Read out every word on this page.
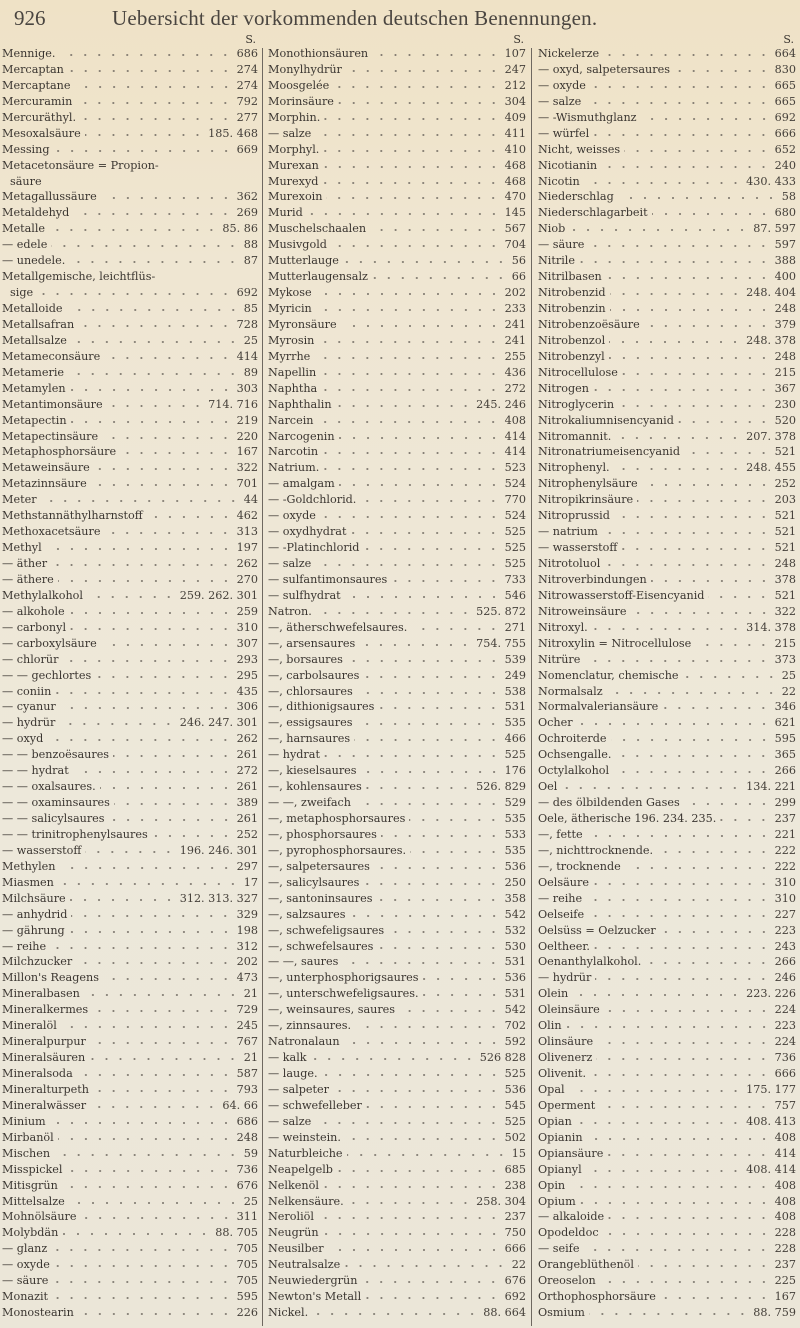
926	Uebersicht der vorkommenden deutschen Benennungen.
S.
Mennige.	686
Mercaptan	274
Mercaptane	274
Mercuramin	792
Mercuräthyl.	277
Mesoxalsäure	185. 468
Messing	669
Metacetonsäure = Propion-
säure
Metagallussäure	362
Metaldehyd	269
Metalle	85. 86
— edele	88
— unedele.	87
Metallgemische, leichtflüs-
sige	692
Metalloide	85
Metallsafran	728
Metallsalze	25
Metameconsäure	414
Metamerie	89
Metamylen	303
Metantimonsäure	714. 716
Metapectin	219
Metapectinsäure	220
Metaphosphorsäure	167
Metaweinsäure	322
Metazinnsäure	701
Meter	44
Methstannäthylharnstoff	462
Methoxacetsäure	313
Methyl	197
— äther	262
— äthere	270
Methylalkohol	259. 262. 301
— alkohole	259
— carbonyl	310
— carboxylsäure	307
— chlorür	293
— — gechlortes	295
— coniin	435
— cyanur	306
— hydrür	246. 247. 301
— oxyd	262
— — benzoësaures	261
— — hydrat	272
— — oxalsaures.	261
— — oxaminsaures	389
— — salicylsaures	261
— — trinitrophenylsaures	252
— wasserstoff	196. 246. 301
Methylen	297
Miasmen	17
Milchsäure	312. 313. 327
— anhydrid	329
— gährung	198
— reihe	312
Milchzucker	202
Millon's Reagens	473
Mineralbasen	21
Mineralkermes	729
Mineralöl	245
Mineralpurpur	767
Mineralsäuren	21
Mineralsoda	587
Mineralturpeth	793
Mineralwässer	64. 66
Minium	686
Mirbanöl	248
Mischen	59
Misspickel	736
Mitisgrün	676
Mittelsalze	25
Mohnölsäure	311
Molybdän	88. 705
— glanz	705
— oxyde	705
— säure	705
Monazit	595
Monostearin	226
S.
Monothionsäuren	107
Monylhydrür	247
Moosgelée	212
Morinsäure	304
Morphin.	409
— salze	411
Morphyl.	410
Murexan	468
Murexyd	468
Murexoin	470
Murid	145
Muschelschaalen	567
Musivgold	704
Mutterlauge	56
Mutterlaugensalz	66
Mykose	202
Myricin	233
Myronsäure	241
Myrosin	241
Myrrhe	255
Napellin	436
Naphtha	272
Naphthalin	245. 246
Narcein	408
Narcogenin	414
Narcotin	414
Natrium.	523
— amalgam	524
— -Goldchlorid.	770
— oxyde	524
— oxydhydrat	525
— -Platinchlorid	525
— salze	525
— sulfantimonsaures	733
— sulfhydrat	546
Natron.	525. 872
—, ätherschwefelsaures.	271
—, arsensaures	754. 755
—, borsaures	539
—, carbolsaures	249
—, chlorsaures	538
—, dithionigsaures	531
—, essigsaures	535
—, harnsaures	466
— hydrat	525
—, kieselsaures	176
—, kohlensaures	526. 829
— —, zweifach	529
—, metaphosphorsaures	535
—, phosphorsaures	533
—, pyrophosphorsaures.	535
—, salpetersaures	536
—, salicylsaures	250
—, santoninsaures	358
—, salzsaures	542
—, schwefeligsaures	532
—, schwefelsaures	530
— —, saures	531
—, unterphosphorigsaures	536
—, unterschwefeligsaures.	531
—, weinsaures, saures	542
—, zinnsaures.	702
Natronalaun	592
— kalk	526 828
— lauge.	525
— salpeter	536
— schwefelleber	545
— salze	525
— weinstein.	502
Naturbleiche	15
Neapelgelb	685
Nelkenöl	238
Nelkensäure.	258. 304
Neroliöl	237
Neugrün	750
Neusilber	666
Neutralsalze	22
Neuwiedergrün	676
Newton's Metall	692
Nickel.	88. 664
S.
Nickelerze	664
— oxyd, salpetersaures	830
— oxyde	665
— salze	665
— -Wismuthglanz	692
— würfel	666
Nicht, weisses	652
Nicotianin	240
Nicotin	430. 433
Niederschlag	58
Niederschlagarbeit	680
Niob	87. 597
— säure	597
Nitrile	388
Nitrilbasen	400
Nitrobenzid	248. 404
Nitrobenzin	248
Nitrobenzoësäure	379
Nitrobenzol	248. 378
Nitrobenzyl	248
Nitrocellulose	215
Nitrogen	367
Nitroglycerin	230
Nitrokaliumnisencyanid	520
Nitromannit.	207. 378
Nitronatriumeisencyanid	521
Nitrophenyl.	248. 455
Nitrophenylsäure	252
Nitropikrinsäure	203
Nitroprussid	521
— natrium	521
— wasserstoff	521
Nitrotoluol	248
Nitroverbindungen	378
Nitrowasserstoff-Eisencyanid	521
Nitroweinsäure	322
Nitroxyl.	314. 378
Nitroxylin = Nitrocellulose	215
Nitrüre	373
Nomenclatur, chemische	25
Normalsalz	22
Normalvaleriansäure	346
Ocher	621
Ochroiterde	595
Ochsengalle.	365
Octylalkohol	266
Oel	134. 221
— des ölbildenden Gases	299
Oele, ätherische 196. 234. 235.	237
—, fette	221
—, nichttrocknende.	222
—, trocknende	222
Oelsäure	310
— reihe	310
Oelseife	227
Oelsüss = Oelzucker	223
Oeltheer.	243
Oenanthylalkohol.	266
— hydrür	246
Olein	223. 226
Oleinsäure	224
Olin	223
Olinsäure	224
Olivenerz	736
Olivenit.	666
Opal	175. 177
Operment	757
Opian	408. 413
Opianin	408
Opiansäure	414
Opianyl	408. 414
Opin	408
Opium	408
— alkaloide	408
Opodeldoc	228
— seife	228
Orangeblüthenöl	237
Oreoselon	225
Orthophosphorsäure	167
Osmium	88. 759
